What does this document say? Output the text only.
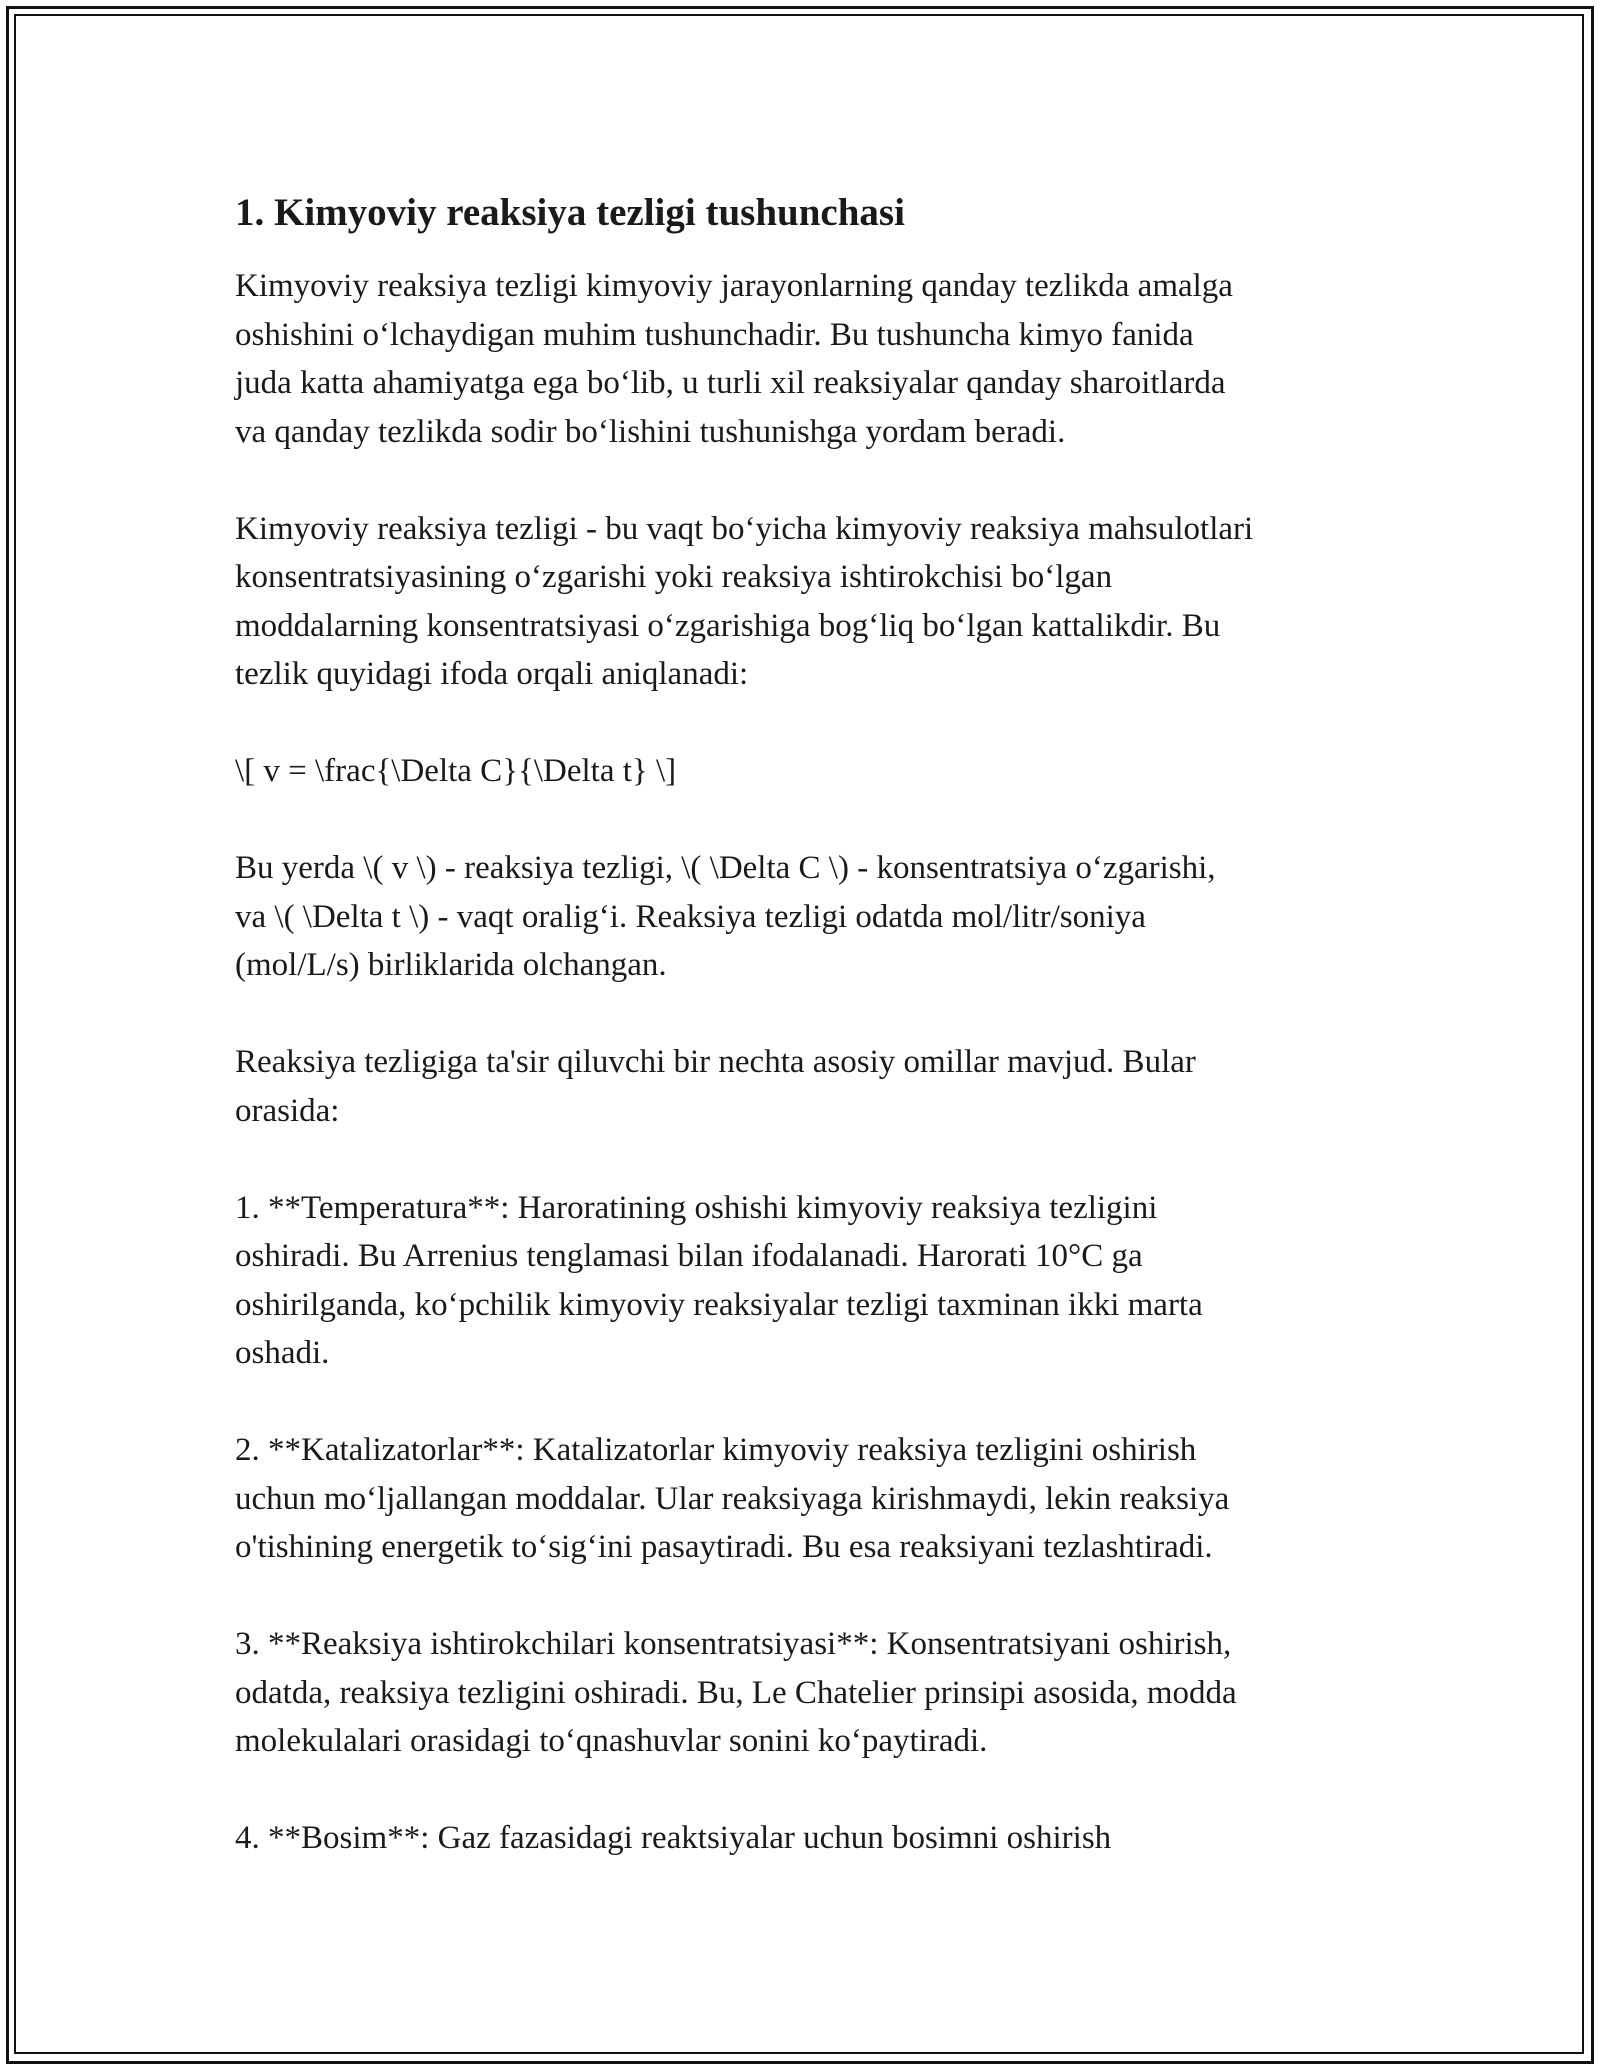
1. Kimyoviy reaksiya tezligi tushunchasi
Kimyoviy reaksiya tezligi kimyoviy jarayonlarning qanday tezlikda amalga
oshishini o‘lchaydigan muhim tushunchadir. Bu tushuncha kimyo fanida
juda katta ahamiyatga ega bo‘lib, u turli xil reaksiyalar qanday sharoitlarda
va qanday tezlikda sodir bo‘lishini tushunishga yordam beradi.
Kimyoviy reaksiya tezligi - bu vaqt bo‘yicha kimyoviy reaksiya mahsulotlari
konsentratsiyasining o‘zgarishi yoki reaksiya ishtirokchisi bo‘lgan
moddalarning konsentratsiyasi o‘zgarishiga bog‘liq bo‘lgan kattalikdir. Bu
tezlik quyidagi ifoda orqali aniqlanadi:
\[ v = \frac{\Delta C}{\Delta t} \]
Bu yerda \( v \) - reaksiya tezligi, \( \Delta C \) - konsentratsiya o‘zgarishi,
va \( \Delta t \) - vaqt oralig‘i. Reaksiya tezligi odatda mol/litr/soniya
(mol/L/s) birliklarida olchangan.
Reaksiya tezligiga ta'sir qiluvchi bir nechta asosiy omillar mavjud. Bular
orasida:
1. **Temperatura**: Haroratining oshishi kimyoviy reaksiya tezligini
oshiradi. Bu Arrenius tenglamasi bilan ifodalanadi. Harorati 10°C ga
oshirilganda, ko‘pchilik kimyoviy reaksiyalar tezligi taxminan ikki marta
oshadi.
2. **Katalizatorlar**: Katalizatorlar kimyoviy reaksiya tezligini oshirish
uchun mo‘ljallangan moddalar. Ular reaksiyaga kirishmaydi, lekin reaksiya
o'tishining energetik to‘sig‘ini pasaytiradi. Bu esa reaksiyani tezlashtiradi.
3. **Reaksiya ishtirokchilari konsentratsiyasi**: Konsentratsiyani oshirish,
odatda, reaksiya tezligini oshiradi. Bu, Le Chatelier prinsipi asosida, modda
molekulalari orasidagi to‘qnashuvlar sonini ko‘paytiradi.
4. **Bosim**: Gaz fazasidagi reaktsiyalar uchun bosimni oshirish
